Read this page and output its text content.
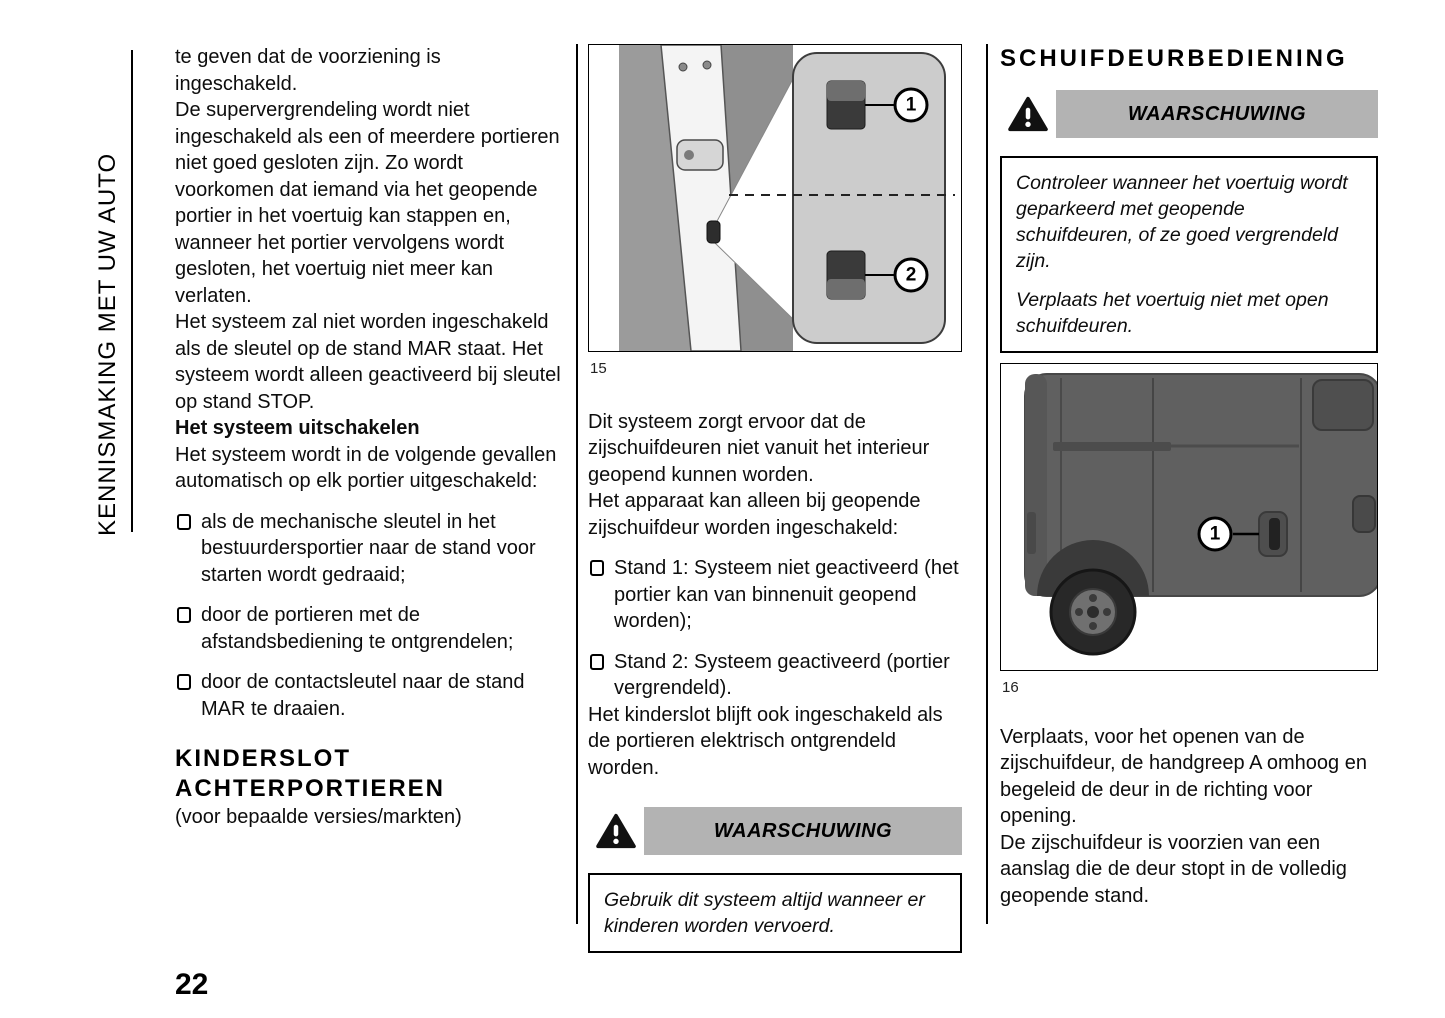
KENNISMAKING MET UW AUTO

te geven dat de voorziening is ingeschakeld.

De supervergrendeling wordt niet ingeschakeld als een of meerdere portieren niet goed gesloten zijn. Zo wordt voorkomen dat iemand via het geopende portier in het voertuig kan stappen en, wanneer het portier vervolgens wordt gesloten, het voertuig niet meer kan verlaten.

Het systeem zal niet worden ingeschakeld als de sleutel op de stand MAR staat. Het systeem wordt alleen geactiveerd bij sleutel op stand STOP.

Het systeem uitschakelen

Het systeem wordt in de volgende gevallen automatisch op elk portier uitgeschakeld:

als de mechanische sleutel in het bestuurdersportier naar de stand voor starten wordt gedraaid;
door de portieren met de afstandsbediening te ontgrendelen;
door de contactsleutel naar de stand MAR te draaien.
KINDERSLOT ACHTERPORTIEREN

(voor bepaalde versies/markten)

1
2
15

Dit systeem zorgt ervoor dat de zijschuifdeuren niet vanuit het interieur geopend kunnen worden.

Het apparaat kan alleen bij geopende zijschuifdeur worden ingeschakeld:

Stand 1: Systeem niet geactiveerd (het portier kan van binnenuit geopend worden);
Stand 2: Systeem geactiveerd (portier vergrendeld).

Het kinderslot blijft ook ingeschakeld als de portieren elektrisch ontgrendeld worden.

WAARSCHUWING

Gebruik dit systeem altijd wanneer er kinderen worden vervoerd.

SCHUIFDEURBEDIENING
WAARSCHUWING

Controleer wanneer het voertuig wordt geparkeerd met geopende schuifdeuren, of ze goed vergrendeld zijn.

Verplaats het voertuig niet met open schuifdeuren.

1
16

Verplaats, voor het openen van de zijschuifdeur, de handgreep A omhoog en begeleid de deur in de richting voor opening.

De zijschuifdeur is voorzien van een aanslag die de deur stopt in de volledig geopende stand.

22
